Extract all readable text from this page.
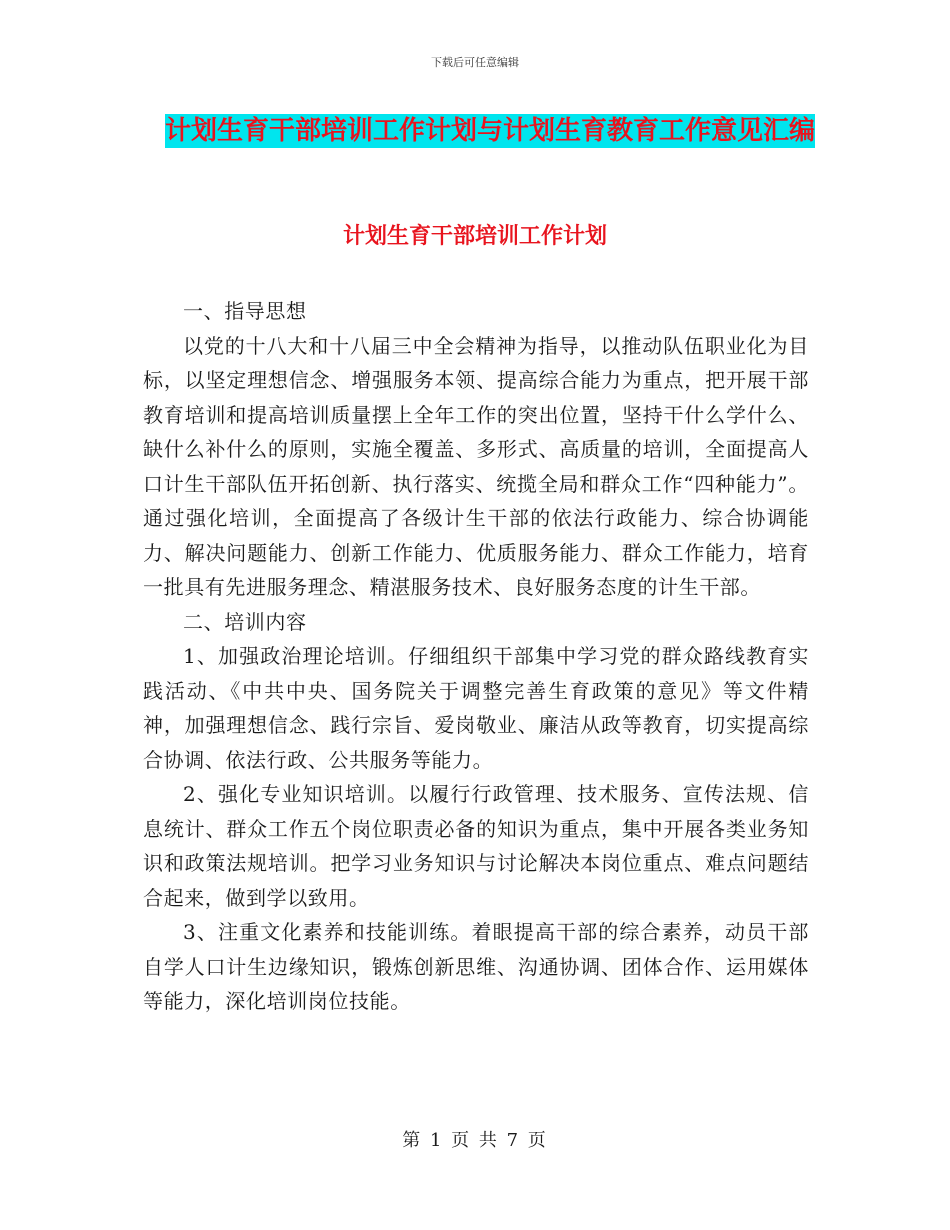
下载后可任意编辑
计划生育干部培训工作计划与计划生育教育工作意见汇编
计划生育干部培训工作计划

一、指导思想

以党的十八大和十八届三中全会精神为指导，以推动队伍职业化为目标，以坚定理想信念、增强服务本领、提高综合能力为重点，把开展干部教育培训和提高培训质量摆上全年工作的突出位置，坚持干什么学什么、缺什么补什么的原则，实施全覆盖、多形式、高质量的培训，全面提高人口计生干部队伍开拓创新、执行落实、统揽全局和群众工作“四种能力”。通过强化培训，全面提高了各级计生干部的依法行政能力、综合协调能力、解决问题能力、创新工作能力、优质服务能力、群众工作能力，培育一批具有先进服务理念、精湛服务技术、良好服务态度的计生干部。

二、培训内容

1、加强政治理论培训。仔细组织干部集中学习党的群众路线教育实践活动、《中共中央、国务院关于调整完善生育政策的意见》等文件精神，加强理想信念、践行宗旨、爱岗敬业、廉洁从政等教育，切实提高综合协调、依法行政、公共服务等能力。

2、强化专业知识培训。以履行行政管理、技术服务、宣传法规、信息统计、群众工作五个岗位职责必备的知识为重点，集中开展各类业务知识和政策法规培训。把学习业务知识与讨论解决本岗位重点、难点问题结合起来，做到学以致用。

3、注重文化素养和技能训练。着眼提高干部的综合素养，动员干部自学人口计生边缘知识，锻炼创新思维、沟通协调、团体合作、运用媒体等能力，深化培训岗位技能。

第 1 页 共 7 页
